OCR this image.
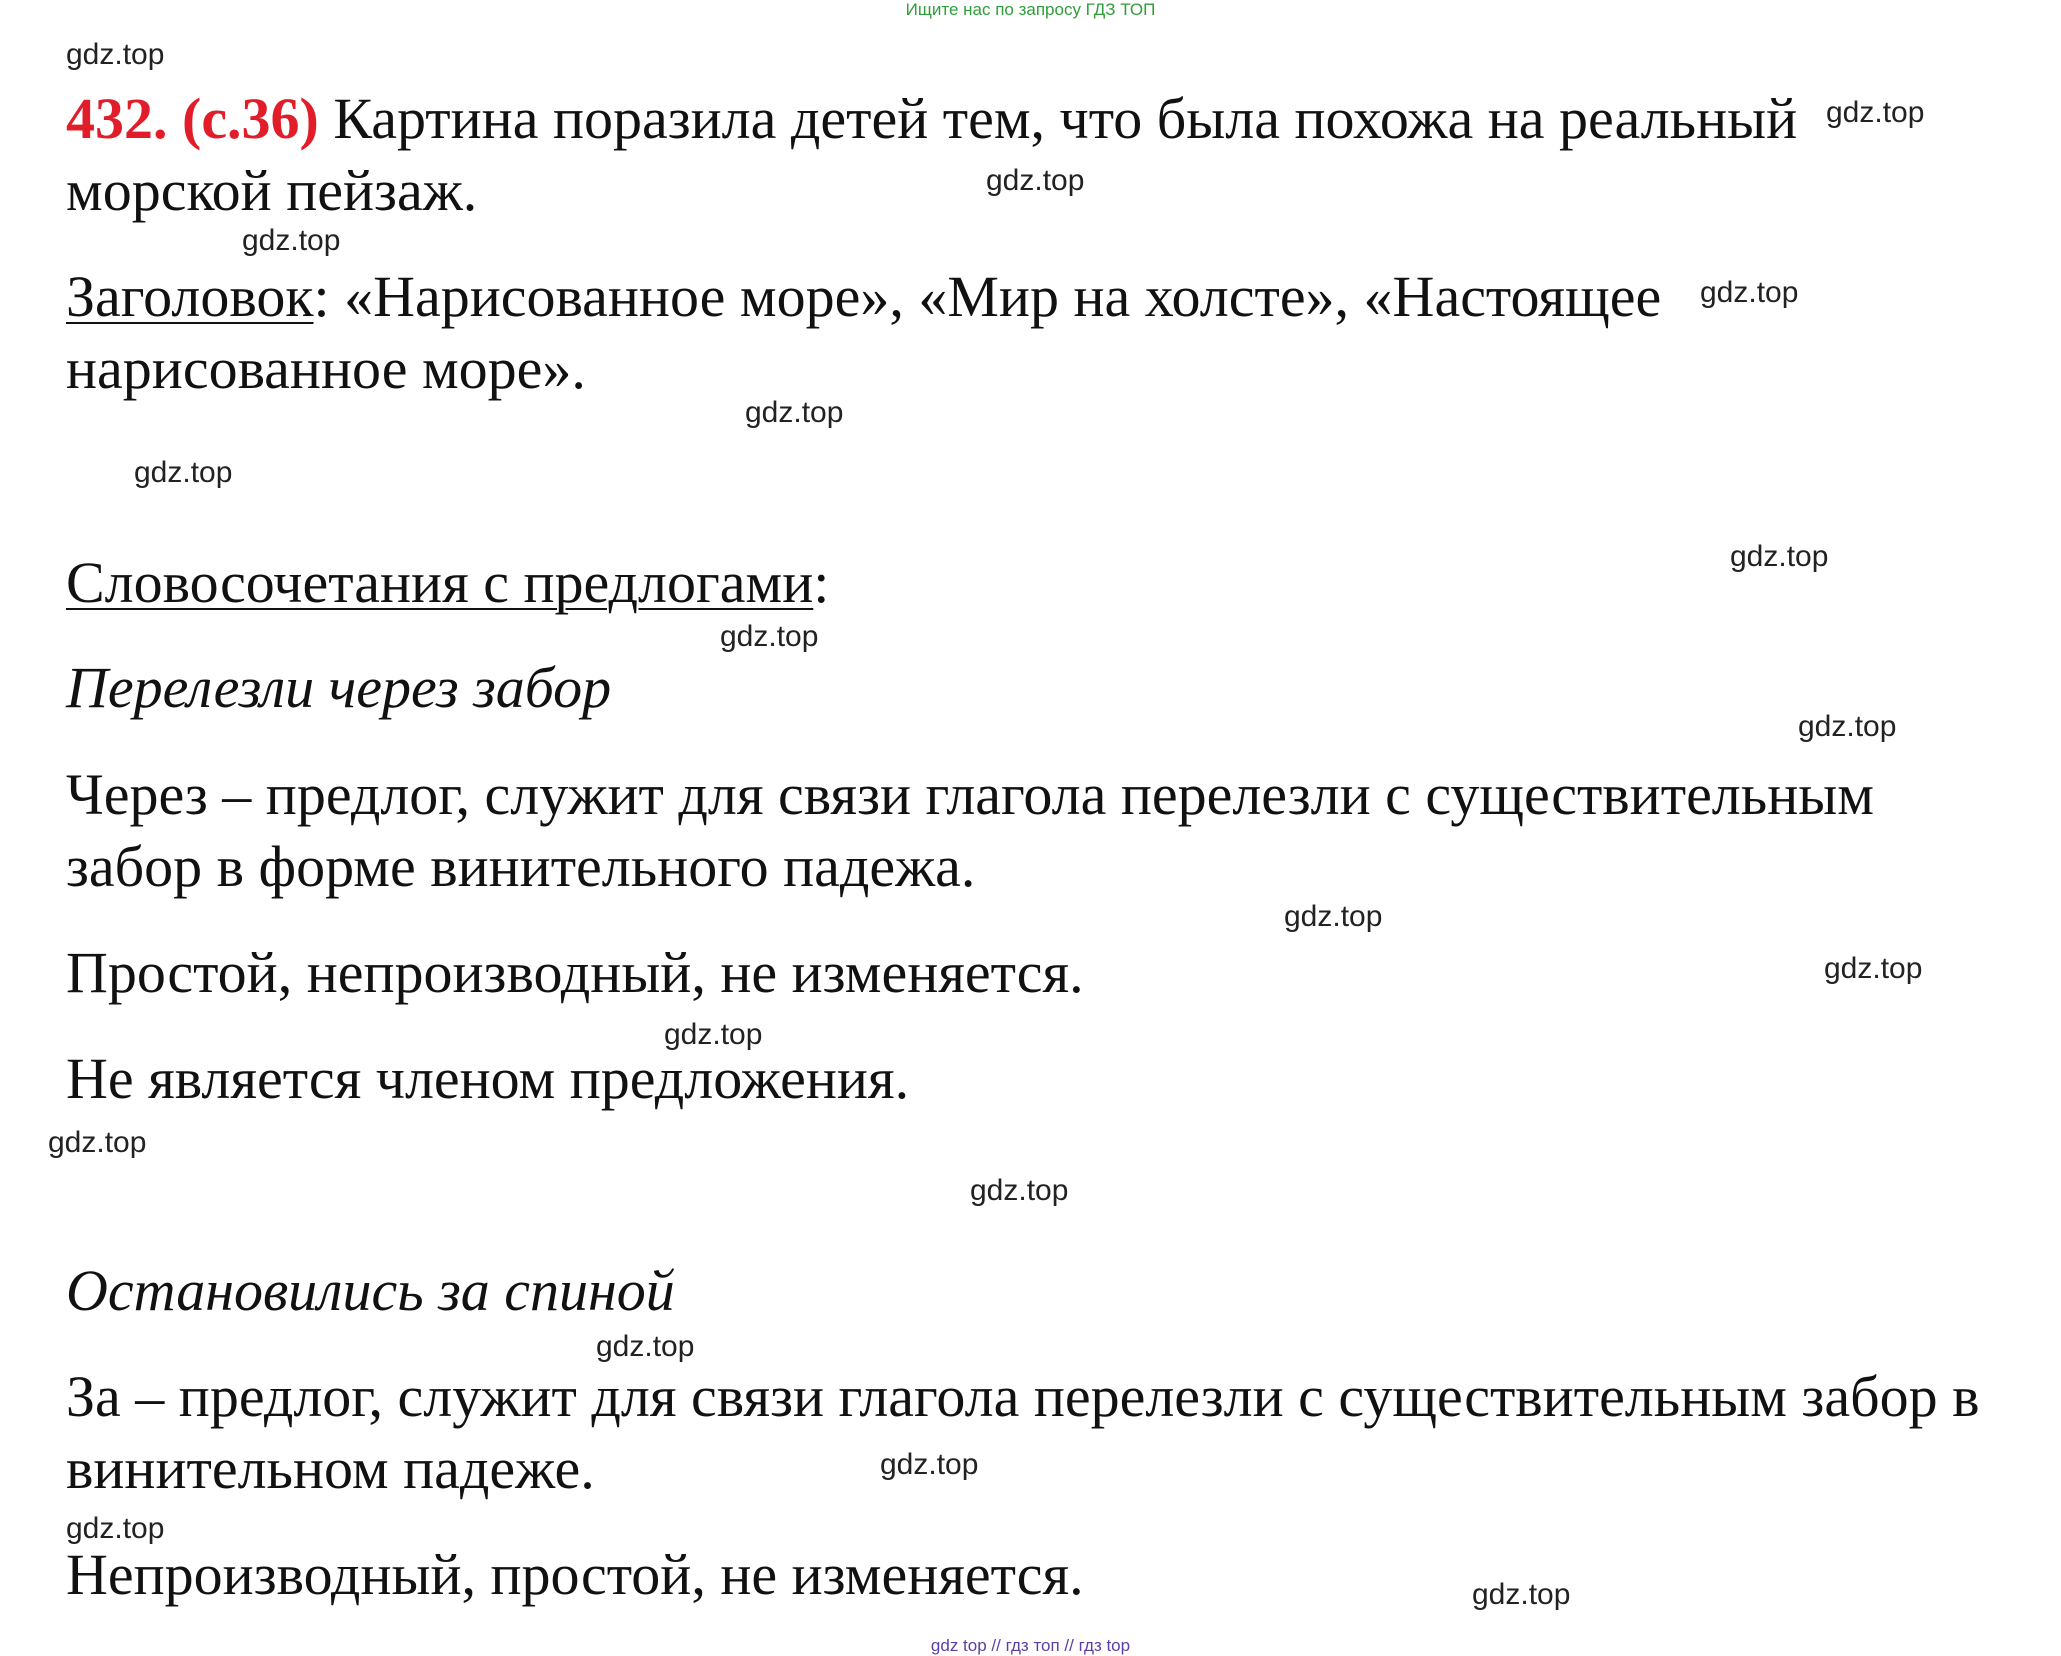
Ищите нас по запросу ГДЗ ТОП
432. (с.36) Картина поразила детей тем, что была похожа на реальный
морской пейзаж.
Заголовок: «Нарисованное море», «Мир на холсте», «Настоящее
нарисованное море».
Словосочетания с предлогами:
Перелезли через забор
Через – предлог, служит для связи глагола перелезли с существительным
забор в форме винительного падежа.
Простой, непроизводный, не изменяется.
Не является членом предложения.
Остановились за спиной
За – предлог, служит для связи глагола перелезли с существительным забор в
винительном падеже.
Непроизводный, простой, не изменяется.
gdz.top
gdz.top
gdz.top
gdz.top
gdz.top
gdz.top
gdz.top
gdz.top
gdz.top
gdz.top
gdz.top
gdz.top
gdz.top
gdz.top
gdz.top
gdz.top
gdz.top
gdz.top
gdz.top
gdz top // гдз топ // гдз top
